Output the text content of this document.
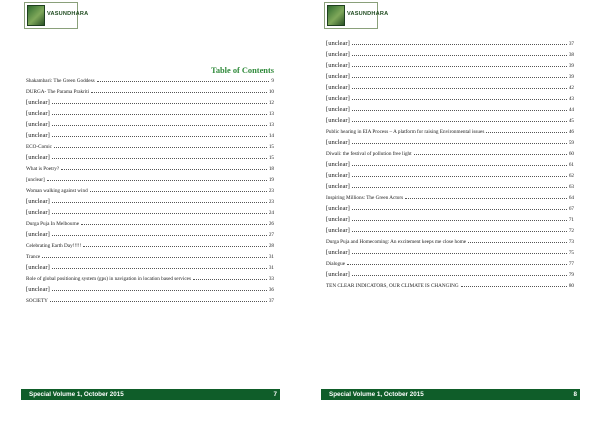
VASUNDHARA
Table of Contents
Shakambari: The Green Goddess	9
DURGA- The Parama Prakriti	10
[unclear]	12
[unclear]	13
[unclear]	13
[unclear]	14
ECO-Comic	15
[unclear]	15
What is Poetry?	18
[unclear]	19
Woman walking against wind	23
[unclear]	23
[unclear]	24
Durga Puja In Melbourne	26
[unclear]	27
Celebrating Earth Day!!!!!	28
Trance	31
[unclear]	31
Role of global positioning system (gps) in navigation in location based services	33
[unclear]	36
SOCIETY	37
Special Volume 1, October 2015	7
VASUNDHARA
[unclear]	37
[unclear]	38
[unclear]	39
[unclear]	39
[unclear]	42
[unclear]	43
[unclear]	44
[unclear]	45
Public hearing in EIA Process – A platform for raising Environmental issues	46
[unclear]	59
Diwali: the festival of pollution free light	60
[unclear]	61
[unclear]	62
[unclear]	63
Inspiring Millions: The Green Actors	64
[unclear]	67
[unclear]	71
[unclear]	72
Durga Puja and Homecoming: An excitement keeps me close home	73
[unclear]	75
Dialogue	77
[unclear]	79
TEN CLEAR INDICATORS, OUR CLIMATE IS CHANGING	80
Special Volume 1, October 2015	8
